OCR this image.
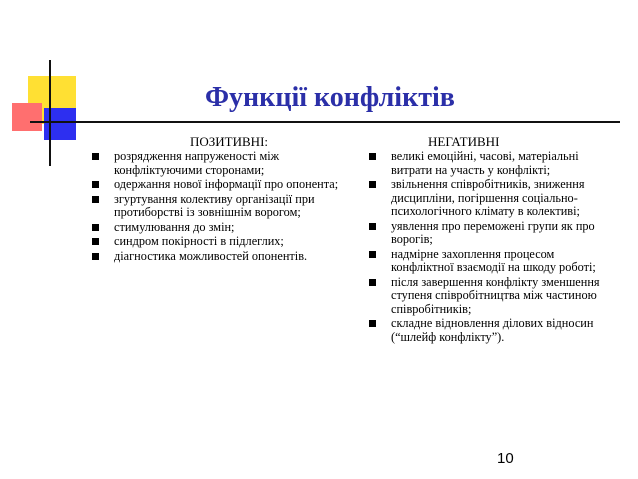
Функції конфліктів

ПОЗИТИВНІ:	НЕГАТИВНІ

розрядження напруженості між конфліктуючими сторонами;
одержання нової інформації про опонента;
згуртування колективу організації при протиборстві із зовнішнім ворогом;
стимулювання до змін;
синдром покірності в підлеглих;
діагностика можливостей опонентів.
великі емоційні, часові, матеріальні витрати на участь у конфлікті;
звільнення співробітників, зниження дисципліни, погіршення соціально-психологічного клімату в колективі;
уявлення про переможені групи як про ворогів;
надмірне захоплення процесом конфліктної взаємодії на шкоду роботі;
після завершення конфлікту зменшення ступеня співробітництва між частиною співробітників;
складне відновлення ділових відносин (“шлейф конфлікту”).

10
